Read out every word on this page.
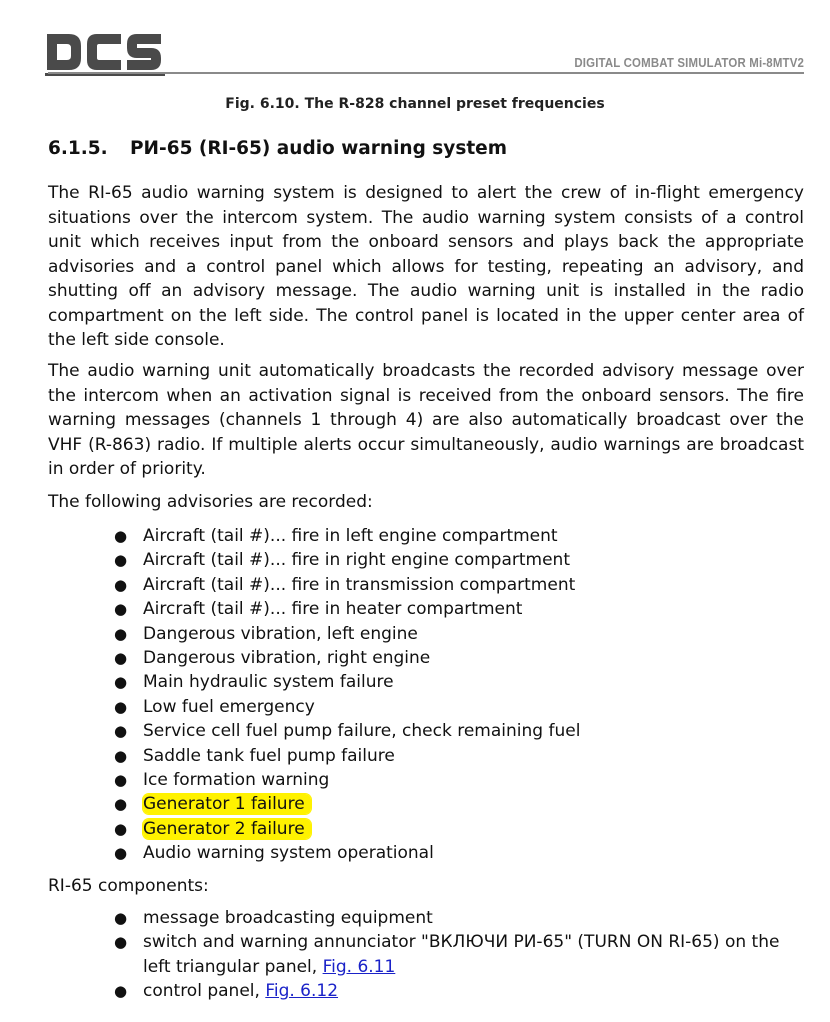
DIGITAL COMBAT SIMULATOR Mi-8MTV2
Fig. 6.10. The R-828 channel preset frequencies
6.1.5. РИ-65 (RI-65) audio warning system

The RI-65 audio warning system is designed to alert the crew of in-flight emergency situations over the intercom system. The audio warning system consists of a control unit which receives input from the onboard sensors and plays back the appropriate advisories and a control panel which allows for testing, repeating an advisory, and shutting off an advisory message. The audio warning unit is installed in the radio compartment on the left side. The control panel is located in the upper center area of the left side console.

The audio warning unit automatically broadcasts the recorded advisory message over the intercom when an activation signal is received from the onboard sensors. The fire warning messages (channels 1 through 4) are also automatically broadcast over the VHF (R-863) radio. If multiple alerts occur simultaneously, audio warnings are broadcast in order of priority.

The following advisories are recorded:

● Aircraft (tail #)... fire in left engine compartment
● Aircraft (tail #)... fire in right engine compartment
● Aircraft (tail #)... fire in transmission compartment
● Aircraft (tail #)... fire in heater compartment
● Dangerous vibration, left engine
● Dangerous vibration, right engine
● Main hydraulic system failure
● Low fuel emergency
● Service cell fuel pump failure, check remaining fuel
● Saddle tank fuel pump failure
● Ice formation warning
● Generator 1 failure
● Generator 2 failure
● Audio warning system operational

RI-65 components:

● message broadcasting equipment
● switch and warning annunciator "ВКЛЮЧИ РИ-65" (TURN ON RI-65) on the left triangular panel, Fig. 6.11
● control panel, Fig. 6.12
